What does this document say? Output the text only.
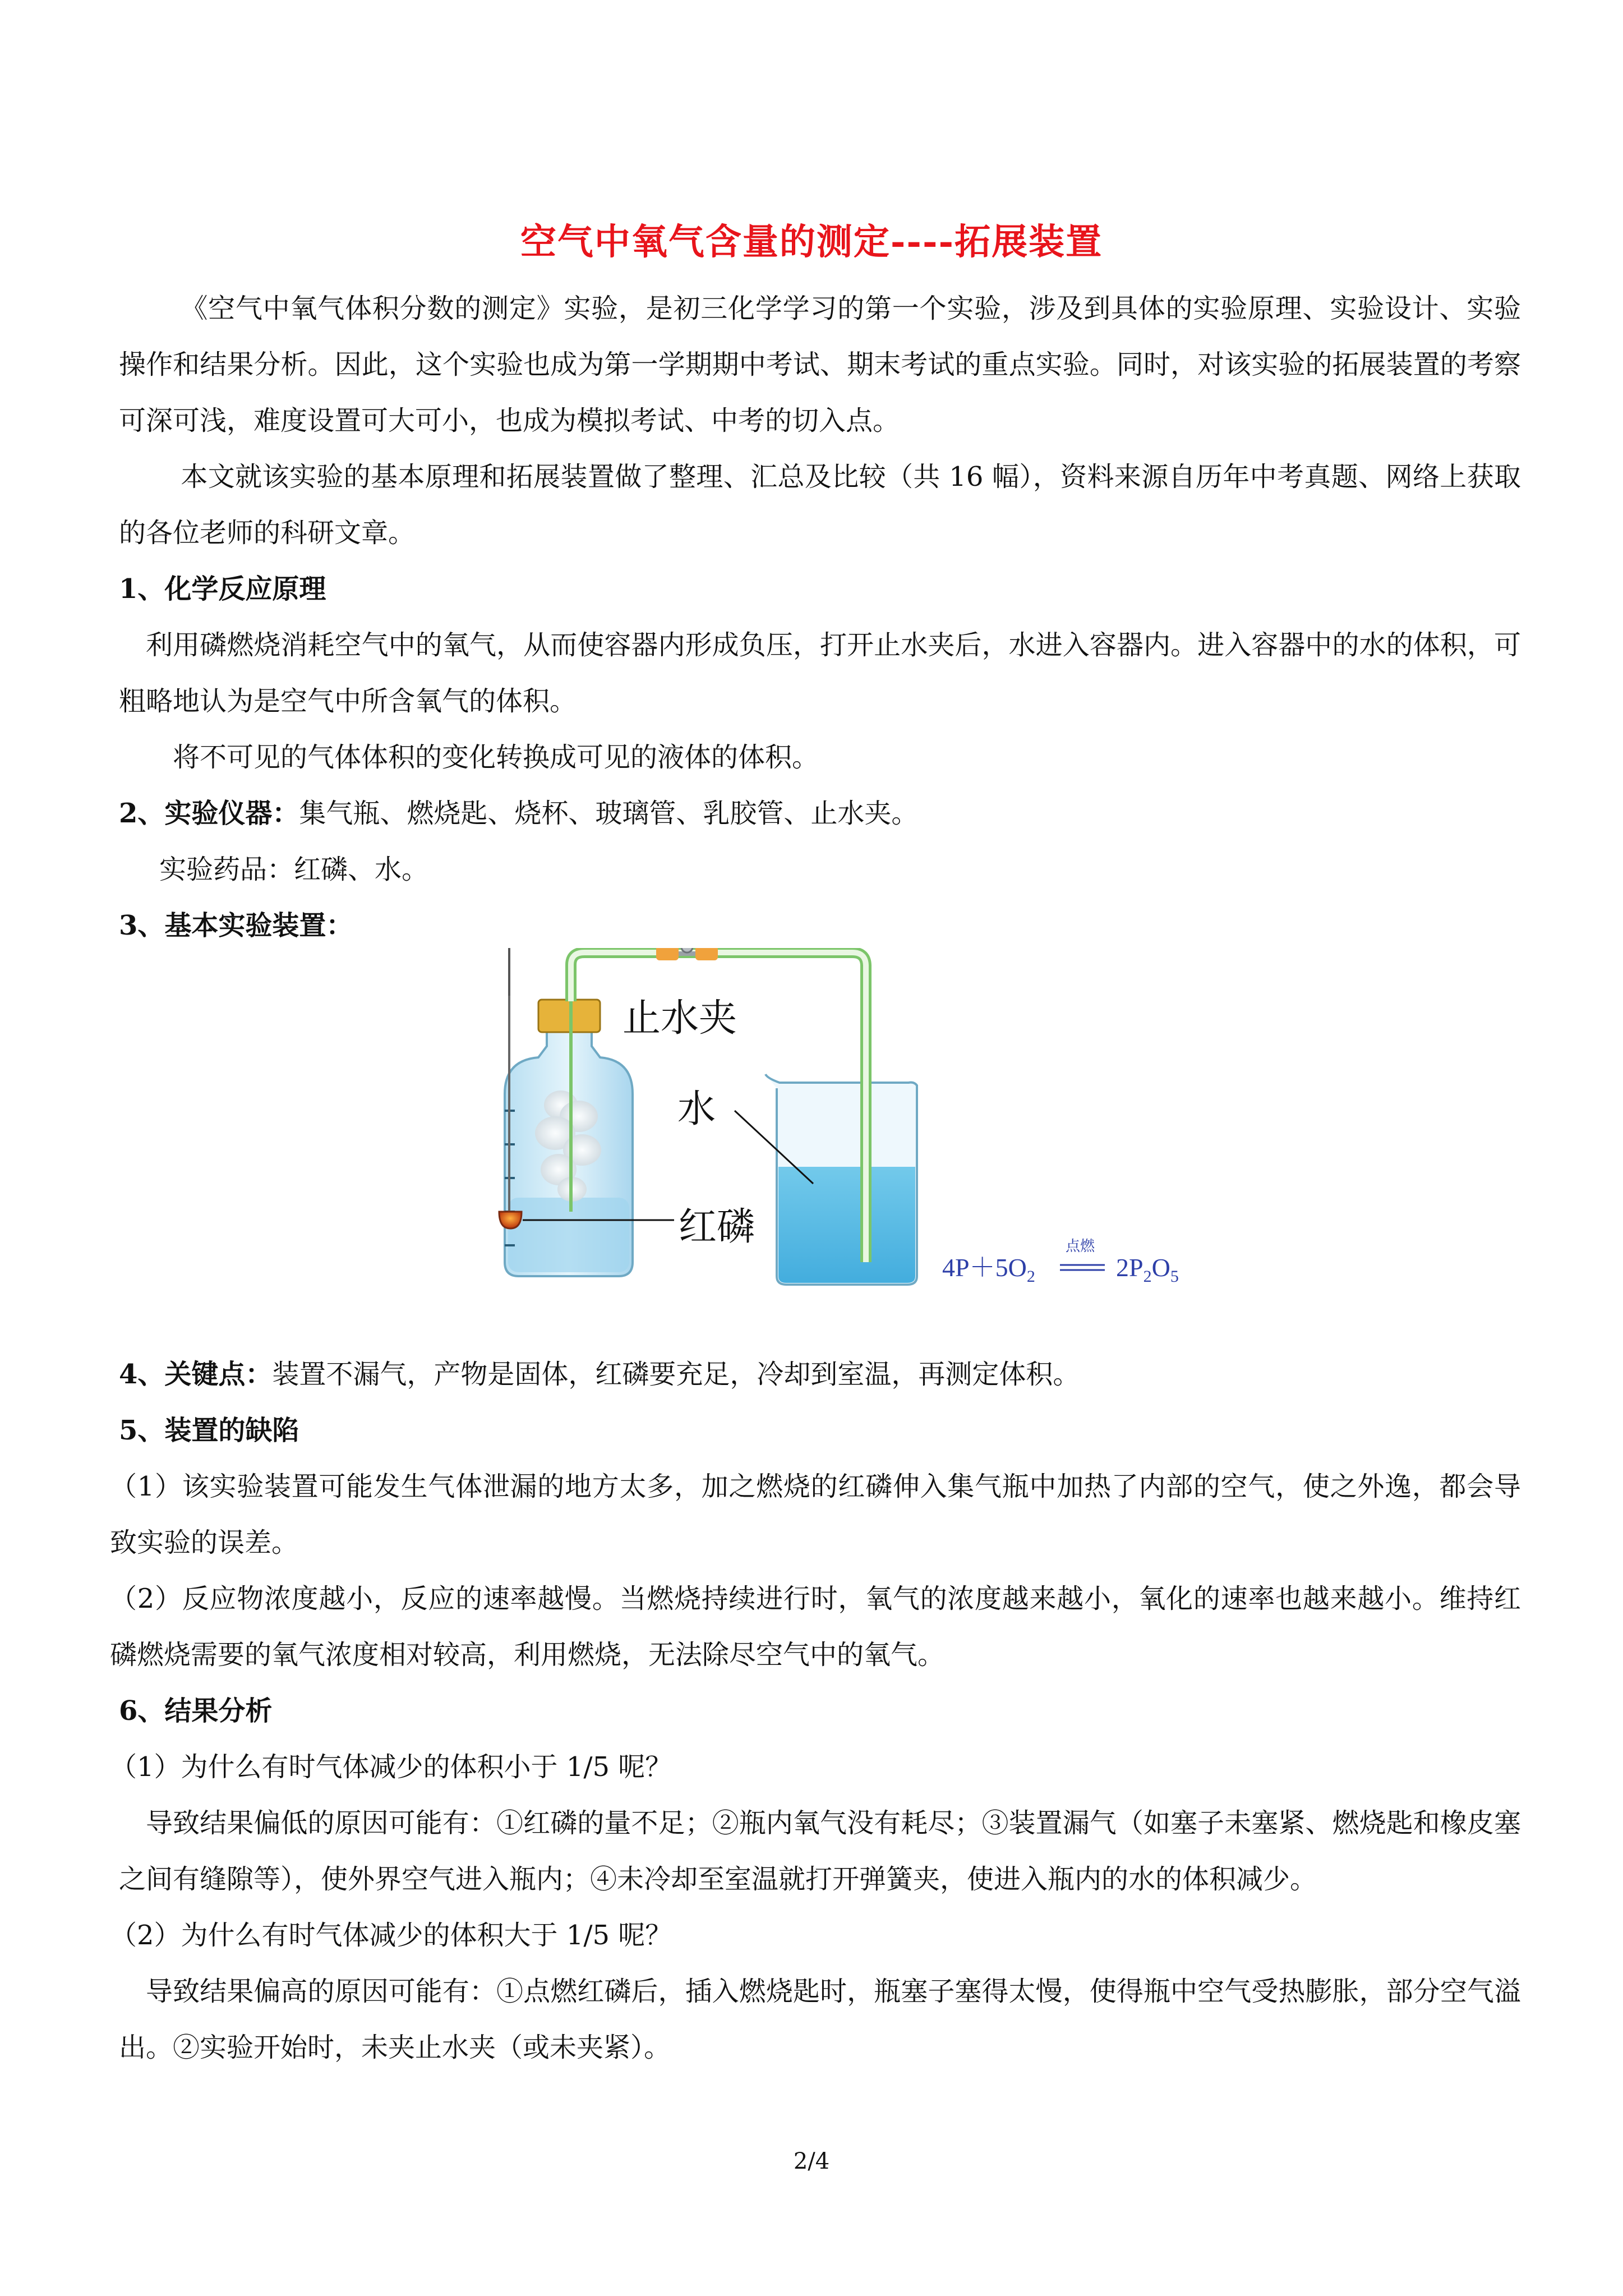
空气中氧气含量的测定----拓展装置
《空气中氧气体积分数的测定》实验，是初三化学学习的第一个实验，涉及到具体的实验原理、实验设计、实验操作和结果分析。因此，这个实验也成为第一学期期中考试、期末考试的重点实验。同时，对该实验的拓展装置的考察可深可浅，难度设置可大可小，也成为模拟考试、中考的切入点。
本文就该实验的基本原理和拓展装置做了整理、汇总及比较（共 16 幅），资料来源自历年中考真题、网络上获取的各位老师的科研文章。
1、化学反应原理
利用磷燃烧消耗空气中的氧气，从而使容器内形成负压，打开止水夹后，水进入容器内。进入容器中的水的体积，可粗略地认为是空气中所含氧气的体积。
将不可见的气体体积的变化转换成可见的液体的体积。
2、实验仪器：集气瓶、燃烧匙、烧杯、玻璃管、乳胶管、止水夹。
实验药品：红磷、水。
3、基本实验装置：
止水夹
水
红磷
$4P+5O_2$
点燃
$2P_2O_5$
4、关键点：装置不漏气，产物是固体，红磷要充足，冷却到室温，再测定体积。
5、装置的缺陷
（1）该实验装置可能发生气体泄漏的地方太多，加之燃烧的红磷伸入集气瓶中加热了内部的空气，使之外逸，都会导致实验的误差。
（2）反应物浓度越小，反应的速率越慢。当燃烧持续进行时，氧气的浓度越来越小，氧化的速率也越来越小。维持红磷燃烧需要的氧气浓度相对较高，利用燃烧，无法除尽空气中的氧气。
6、结果分析
（1）为什么有时气体减少的体积小于 1/5 呢？
导致结果偏低的原因可能有：①红磷的量不足；②瓶内氧气没有耗尽；③装置漏气（如塞子未塞紧、燃烧匙和橡皮塞之间有缝隙等），使外界空气进入瓶内；④未冷却至室温就打开弹簧夹，使进入瓶内的水的体积减少。
（2）为什么有时气体减少的体积大于 1/5 呢？
导致结果偏高的原因可能有：①点燃红磷后，插入燃烧匙时，瓶塞子塞得太慢，使得瓶中空气受热膨胀，部分空气溢出。②实验开始时，未夹止水夹（或未夹紧）。
2/4
